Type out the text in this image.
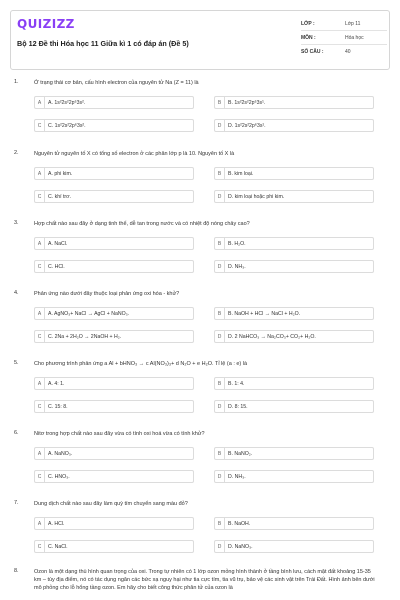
QUIZIZZ
Bộ 12 Đề thi Hóa học 11 Giữa kì 1 có đáp án (Đề 5)
LỚP :	Lớp 11
MÔN :	Hóa học
SỐ CÂU :	40
1.	Ở trạng thái cơ bản, cấu hình electron của nguyên tử Na (Z = 11) là
A	A. 1s²2s²2p⁶3s².	B	B. 1s²2s²2p⁶3s¹.
C	C. 1s²2s²2p⁶3s².	D	D. 1s²2s²2p⁶3s¹.
2.	Nguyên tử nguyên tố X có tổng số electron ở các phân lớp p là 10. Nguyên tố X là
A	A. phi kim.	B	B. kim loại.
C	C. khí trơ.	D	D. kim loại hoặc phi kim.
3.	Hợp chất nào sau đây ở dạng tinh thể, dễ tan trong nước và có nhiệt độ nóng chảy cao?
A	A. NaCl.	B	B. H₂O.
C	C. HCl.	D	D. NH₃.
4.	Phản ứng nào dưới đây thuộc loại phản ứng oxi hóa - khử?
A	A. AgNO₃+ NaCl → AgCl + NaNO₃.	B	B. NaOH + HCl → NaCl + H₂O.
C	C. 2Na + 2H₂O → 2NaOH + H₂.	D	D. 2 NaHCO₃ → Na₂CO₃+ CO₂+ H₂O.
5.	Cho phương trình phản ứng a Al + bHNO₃ → c Al(NO₃)₃+ d N₂O + e H₂O. Tỉ lệ (a : e) là
A	A. 4: 1.	B	B. 1: 4.
C	C. 15: 8.	D	D. 8: 15.
6.	Nitơ trong hợp chất nào sau đây vừa có tính oxi hoá vừa có tính khử?
A	A. NaNO₃.	B	B. NaNO₂.
C	C. HNO₃.	D	D. NH₃.
7.	Dung dịch chất nào sau đây làm quỳ tím chuyển sang màu đỏ?
A	A. HCl.	B	B. NaOH.
C	C. NaCl.	D	D. NaNO₃.
8.	Ozon là một dạng thù hình quan trọng của oxi. Trong tự nhiên có 1 lớp ozon mỏng hình thành ở tầng bình lưu, cách mặt đất khoảng 15-35 km – tùy địa điểm, nó có tác dụng ngăn các bức xạ nguy hại như tia cực tím, tia vũ trụ, bảo vệ các sinh vật trên Trái Đất. Hình ảnh bên dưới mô phỏng cho lỗ hổng tầng ozon. Em hãy cho biết công thức phân tử của ozon là
